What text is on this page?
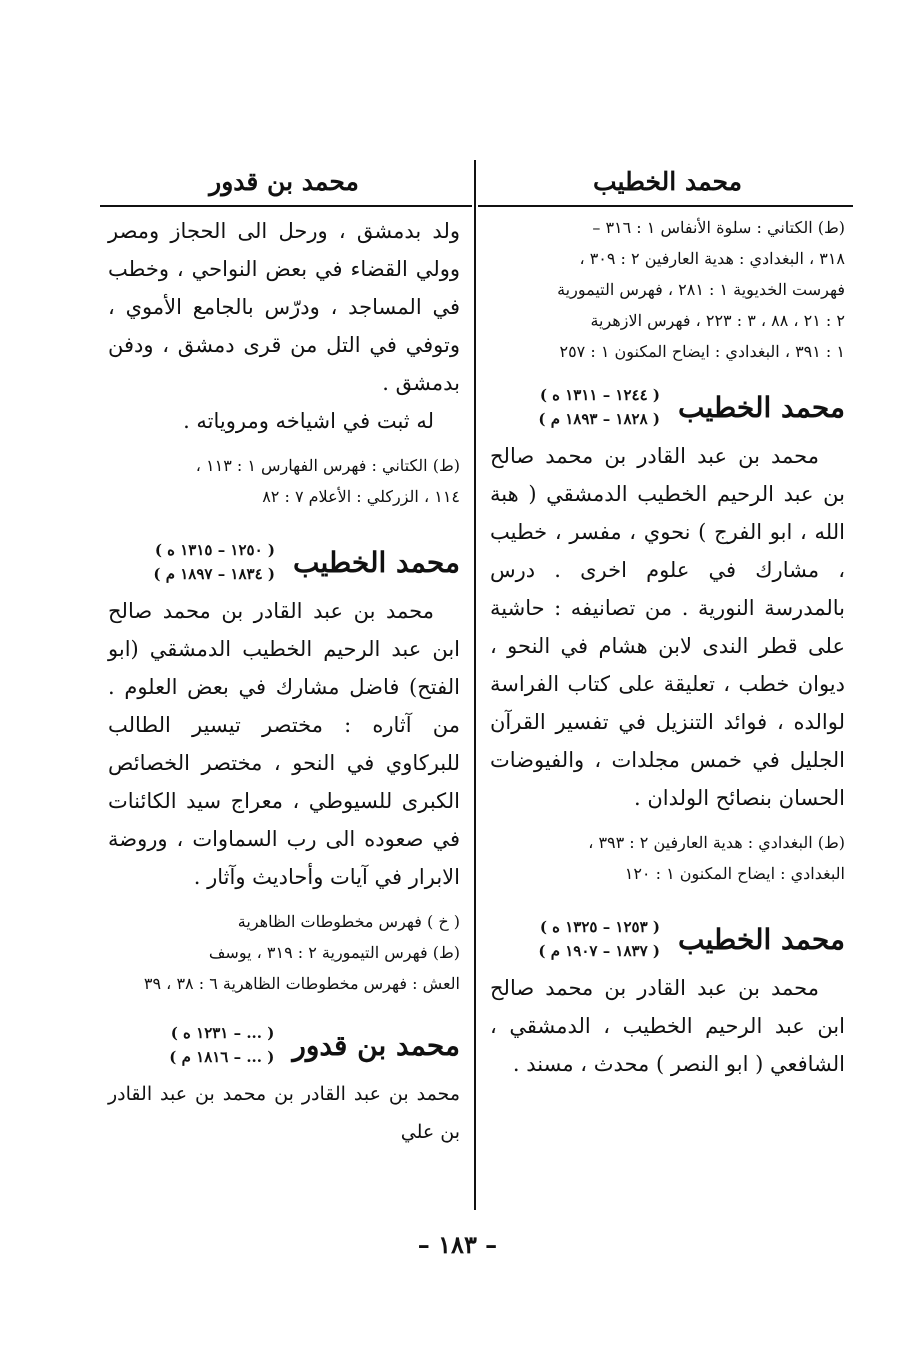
محمد الخطيب
محمد بن قدور

(ط) الكتاني : سلوة الأنفاس ١ : ٣١٦ –

٣١٨ ، البغدادي : هدية العارفين ٢ : ٣٠٩ ،

فهرست الخديوية ١ : ٢٨١ ، فهرس التيمورية

٢ : ٢١ ، ٨٨ ، ٣ : ٢٢٣ ، فهرس الازهرية

١ : ٣٩١ ، البغدادي : ايضاح المكنون ١ : ٢٥٧

محمد الخطيب
( ١٢٤٤ – ١٣١١ ه )
( ١٨٢٨ – ١٨٩٣ م )

محمد بن عبد القادر بن محمد صالح بن عبد الرحيم الخطيب الدمشقي ( هبة الله ، ابو الفرج ) نحوي ، مفسر ، خطيب ، مشارك في علوم اخرى . درس بالمدرسة النورية . من تصانيفه : حاشية على قطر الندى لابن هشام في النحو ، ديوان خطب ، تعليقة على كتاب الفراسة لوالده ، فوائد التنزيل في تفسير القرآن الجليل في خمس مجلدات ، والفيوضات الحسان بنصائح الولدان .

(ط) البغدادي : هدية العارفين ٢ : ٣٩٣ ،

البغدادي : ايضاح المكنون ١ : ١٢٠

محمد الخطيب
( ١٢٥٣ – ١٣٢٥ ه )
( ١٨٣٧ – ١٩٠٧ م )

محمد بن عبد القادر بن محمد صالح ابن عبد الرحيم الخطيب ، الدمشقي ، الشافعي ( ابو النصر ) محدث ، مسند .

ولد بدمشق ، ورحل الى الحجاز ومصر وولي القضاء في بعض النواحي ، وخطب في المساجد ، ودرّس بالجامع الأموي ، وتوفي في التل من قرى دمشق ، ودفن بدمشق .

له ثبت في اشياخه ومروياته .

(ط) الكتاني : فهرس الفهارس ١ : ١١٣ ،

١١٤ ، الزركلي : الأعلام ٧ : ٨٢

محمد الخطيب
( ١٢٥٠ – ١٣١٥ ه )
( ١٨٣٤ – ١٨٩٧ م )

محمد بن عبد القادر بن محمد صالح ابن عبد الرحيم الخطيب الدمشقي (ابو الفتح) فاضل مشارك في بعض العلوم . من آثاره : مختصر تيسير الطالب للبركاوي في النحو ، مختصر الخصائص الكبرى للسيوطي ، معراج سيد الكائنات في صعوده الى رب السماوات ، وروضة الابرار في آيات وأحاديث وآثار .

( خ ) فهرس مخطوطات الظاهرية

(ط) فهرس التيمورية ٢ : ٣١٩ ، يوسف

العش : فهرس مخطوطات الظاهرية ٦ : ٣٨ ، ٣٩

محمد بن قدور
( ... – ١٢٣١ ه )
( ... – ١٨١٦ م )

محمد بن عبد القادر بن محمد بن عبد القادر بن علي

– ١٨٣ –
